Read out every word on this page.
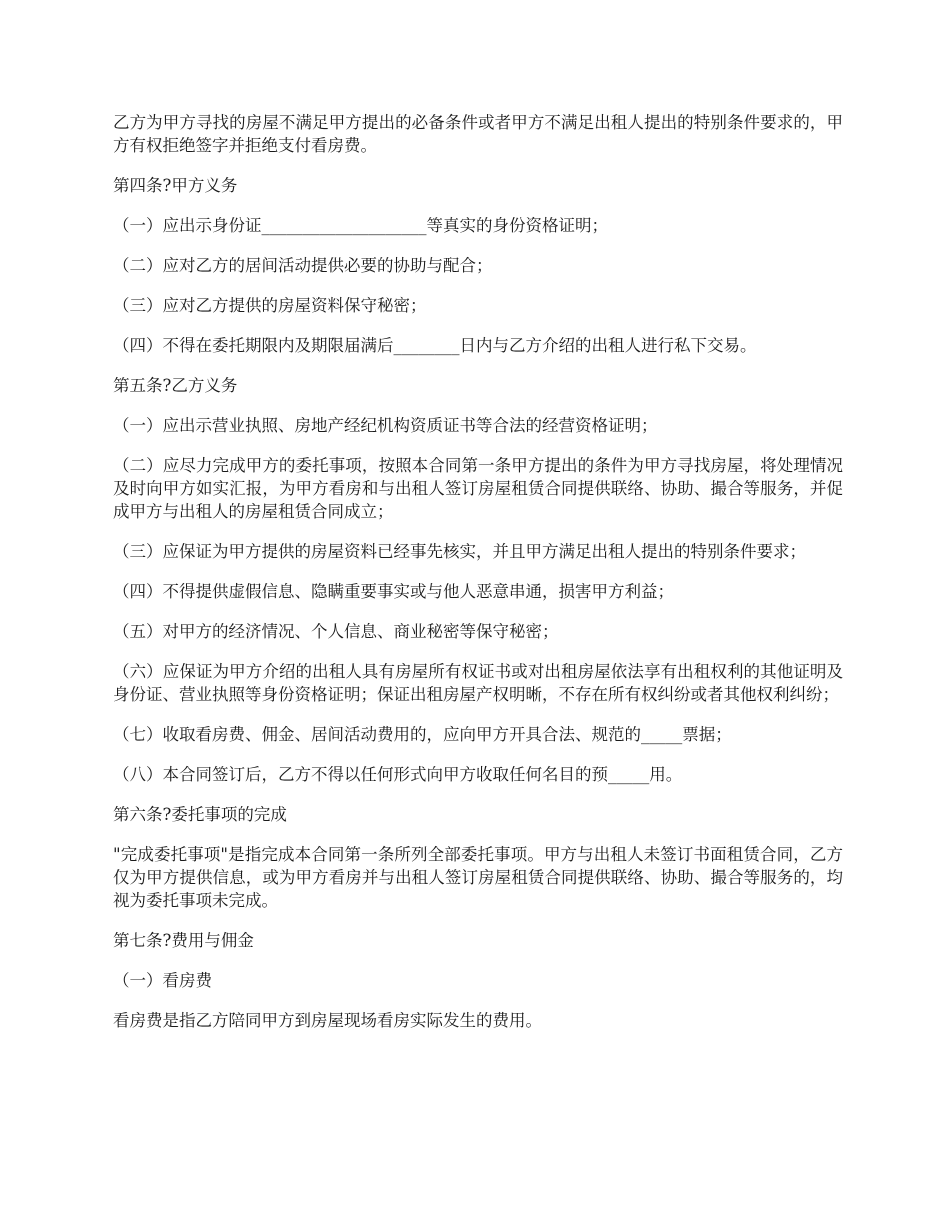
乙方为甲方寻找的房屋不满足甲方提出的必备条件或者甲方不满足出租人提出的特别条件要求的，甲方有权拒绝签字并拒绝支付看房费。

第四条?甲方义务

（一）应出示身份证____________________等真实的身份资格证明；

（二）应对乙方的居间活动提供必要的协助与配合；

（三）应对乙方提供的房屋资料保守秘密；

（四）不得在委托期限内及期限届满后________日内与乙方介绍的出租人进行私下交易。

第五条?乙方义务

（一）应出示营业执照、房地产经纪机构资质证书等合法的经营资格证明；

（二）应尽力完成甲方的委托事项，按照本合同第一条甲方提出的条件为甲方寻找房屋，将处理情况及时向甲方如实汇报，为甲方看房和与出租人签订房屋租赁合同提供联络、协助、撮合等服务，并促成甲方与出租人的房屋租赁合同成立；

（三）应保证为甲方提供的房屋资料已经事先核实，并且甲方满足出租人提出的特别条件要求；

（四）不得提供虚假信息、隐瞒重要事实或与他人恶意串通，损害甲方利益；

（五）对甲方的经济情况、个人信息、商业秘密等保守秘密；

（六）应保证为甲方介绍的出租人具有房屋所有权证书或对出租房屋依法享有出租权利的其他证明及身份证、营业执照等身份资格证明；保证出租房屋产权明晰，不存在所有权纠纷或者其他权利纠纷；

（七）收取看房费、佣金、居间活动费用的，应向甲方开具合法、规范的_____票据；

（八）本合同签订后，乙方不得以任何形式向甲方收取任何名目的预_____用。

第六条?委托事项的完成

"完成委托事项"是指完成本合同第一条所列全部委托事项。甲方与出租人未签订书面租赁合同，乙方仅为甲方提供信息，或为甲方看房并与出租人签订房屋租赁合同提供联络、协助、撮合等服务的，均视为委托事项未完成。

第七条?费用与佣金

（一）看房费

看房费是指乙方陪同甲方到房屋现场看房实际发生的费用。
